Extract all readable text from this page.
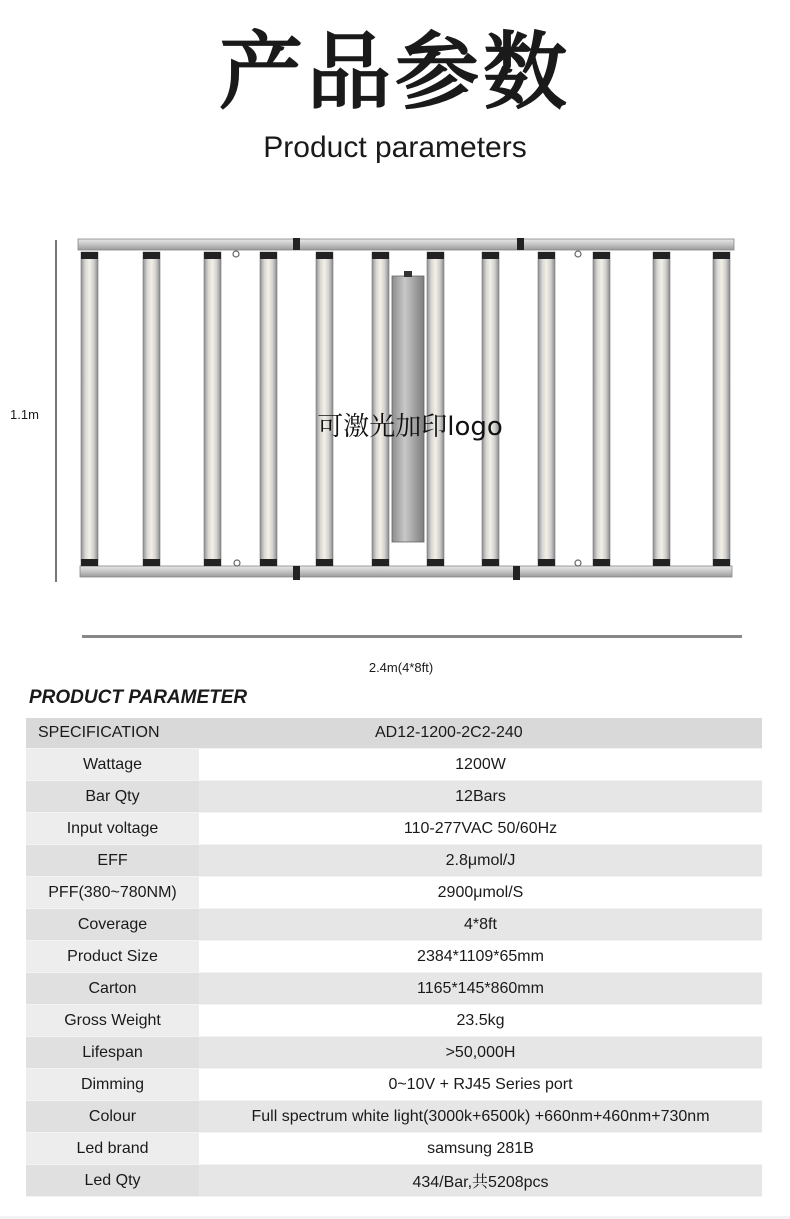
产品参数
Product parameters
1.1m	可激光加印logo
2.4m(4*8ft)
PRODUCT PARAMETER
SPECIFICATION	AD12-1200-2C2-240
Wattage	1200W
Bar Qty	12Bars
Input voltage	110-277VAC 50/60Hz
EFF	2.8μmol/J
PFF(380~780NM)	2900μmol/S
Coverage	4*8ft
Product Size	2384*1109*65mm
Carton	1165*145*860mm
Gross Weight	23.5kg
Lifespan	>50,000H
Dimming	0~10V + RJ45 Series port
Colour	Full spectrum white light(3000k+6500k) +660nm+460nm+730nm
Led brand	samsung 281B
Led Qty	434/Bar,共5208pcs
